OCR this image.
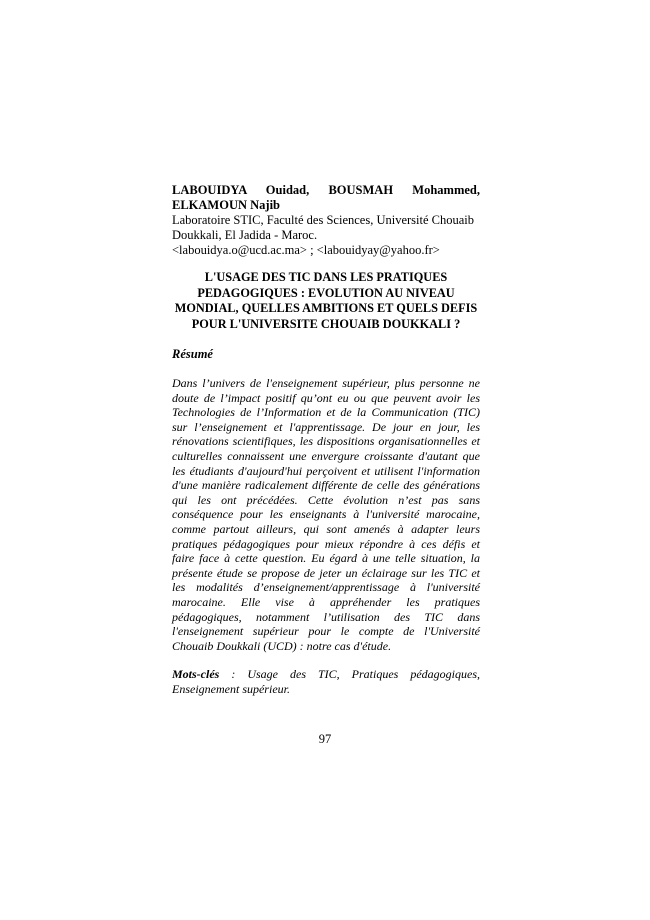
LABOUIDYA Ouidad, BOUSMAH Mohammed,
ELKAMOUN Najib
Laboratoire STIC, Faculté des Sciences, Université Chouaib
Doukkali, El Jadida - Maroc.
<labouidya.o@ucd.ac.ma> ; <labouidyay@yahoo.fr>
L'USAGE DES TIC DANS LES PRATIQUES PEDAGOGIQUES : EVOLUTION AU NIVEAU MONDIAL, QUELLES AMBITIONS ET QUELS DEFIS POUR L'UNIVERSITE CHOUAIB DOUKKALI ?
Résumé
Dans l’univers de l'enseignement supérieur, plus personne ne doute de l’impact positif qu’ont eu ou que peuvent avoir les Technologies de l’Information et de la Communication (TIC) sur l’enseignement et l'apprentissage. De jour en jour, les rénovations scientifiques, les dispositions organisationnelles et culturelles connaissent une envergure croissante d'autant que les étudiants d'aujourd'hui perçoivent et utilisent l'information d'une manière radicalement différente de celle des générations qui les ont précédées. Cette évolution n’est pas sans conséquence pour les enseignants à l'université marocaine, comme partout ailleurs, qui sont amenés à adapter leurs pratiques pédagogiques pour mieux répondre à ces défis et faire face à cette question. Eu égard à une telle situation, la présente étude se propose de jeter un éclairage sur les TIC et les modalités d’enseignement/apprentissage à l'université marocaine. Elle vise à appréhender les pratiques pédagogiques, notamment l’utilisation des TIC dans l'enseignement supérieur pour le compte de l'Université Chouaib Doukkali (UCD) : notre cas d'étude.
Mots-clés : Usage des TIC, Pratiques pédagogiques, Enseignement supérieur.
97
